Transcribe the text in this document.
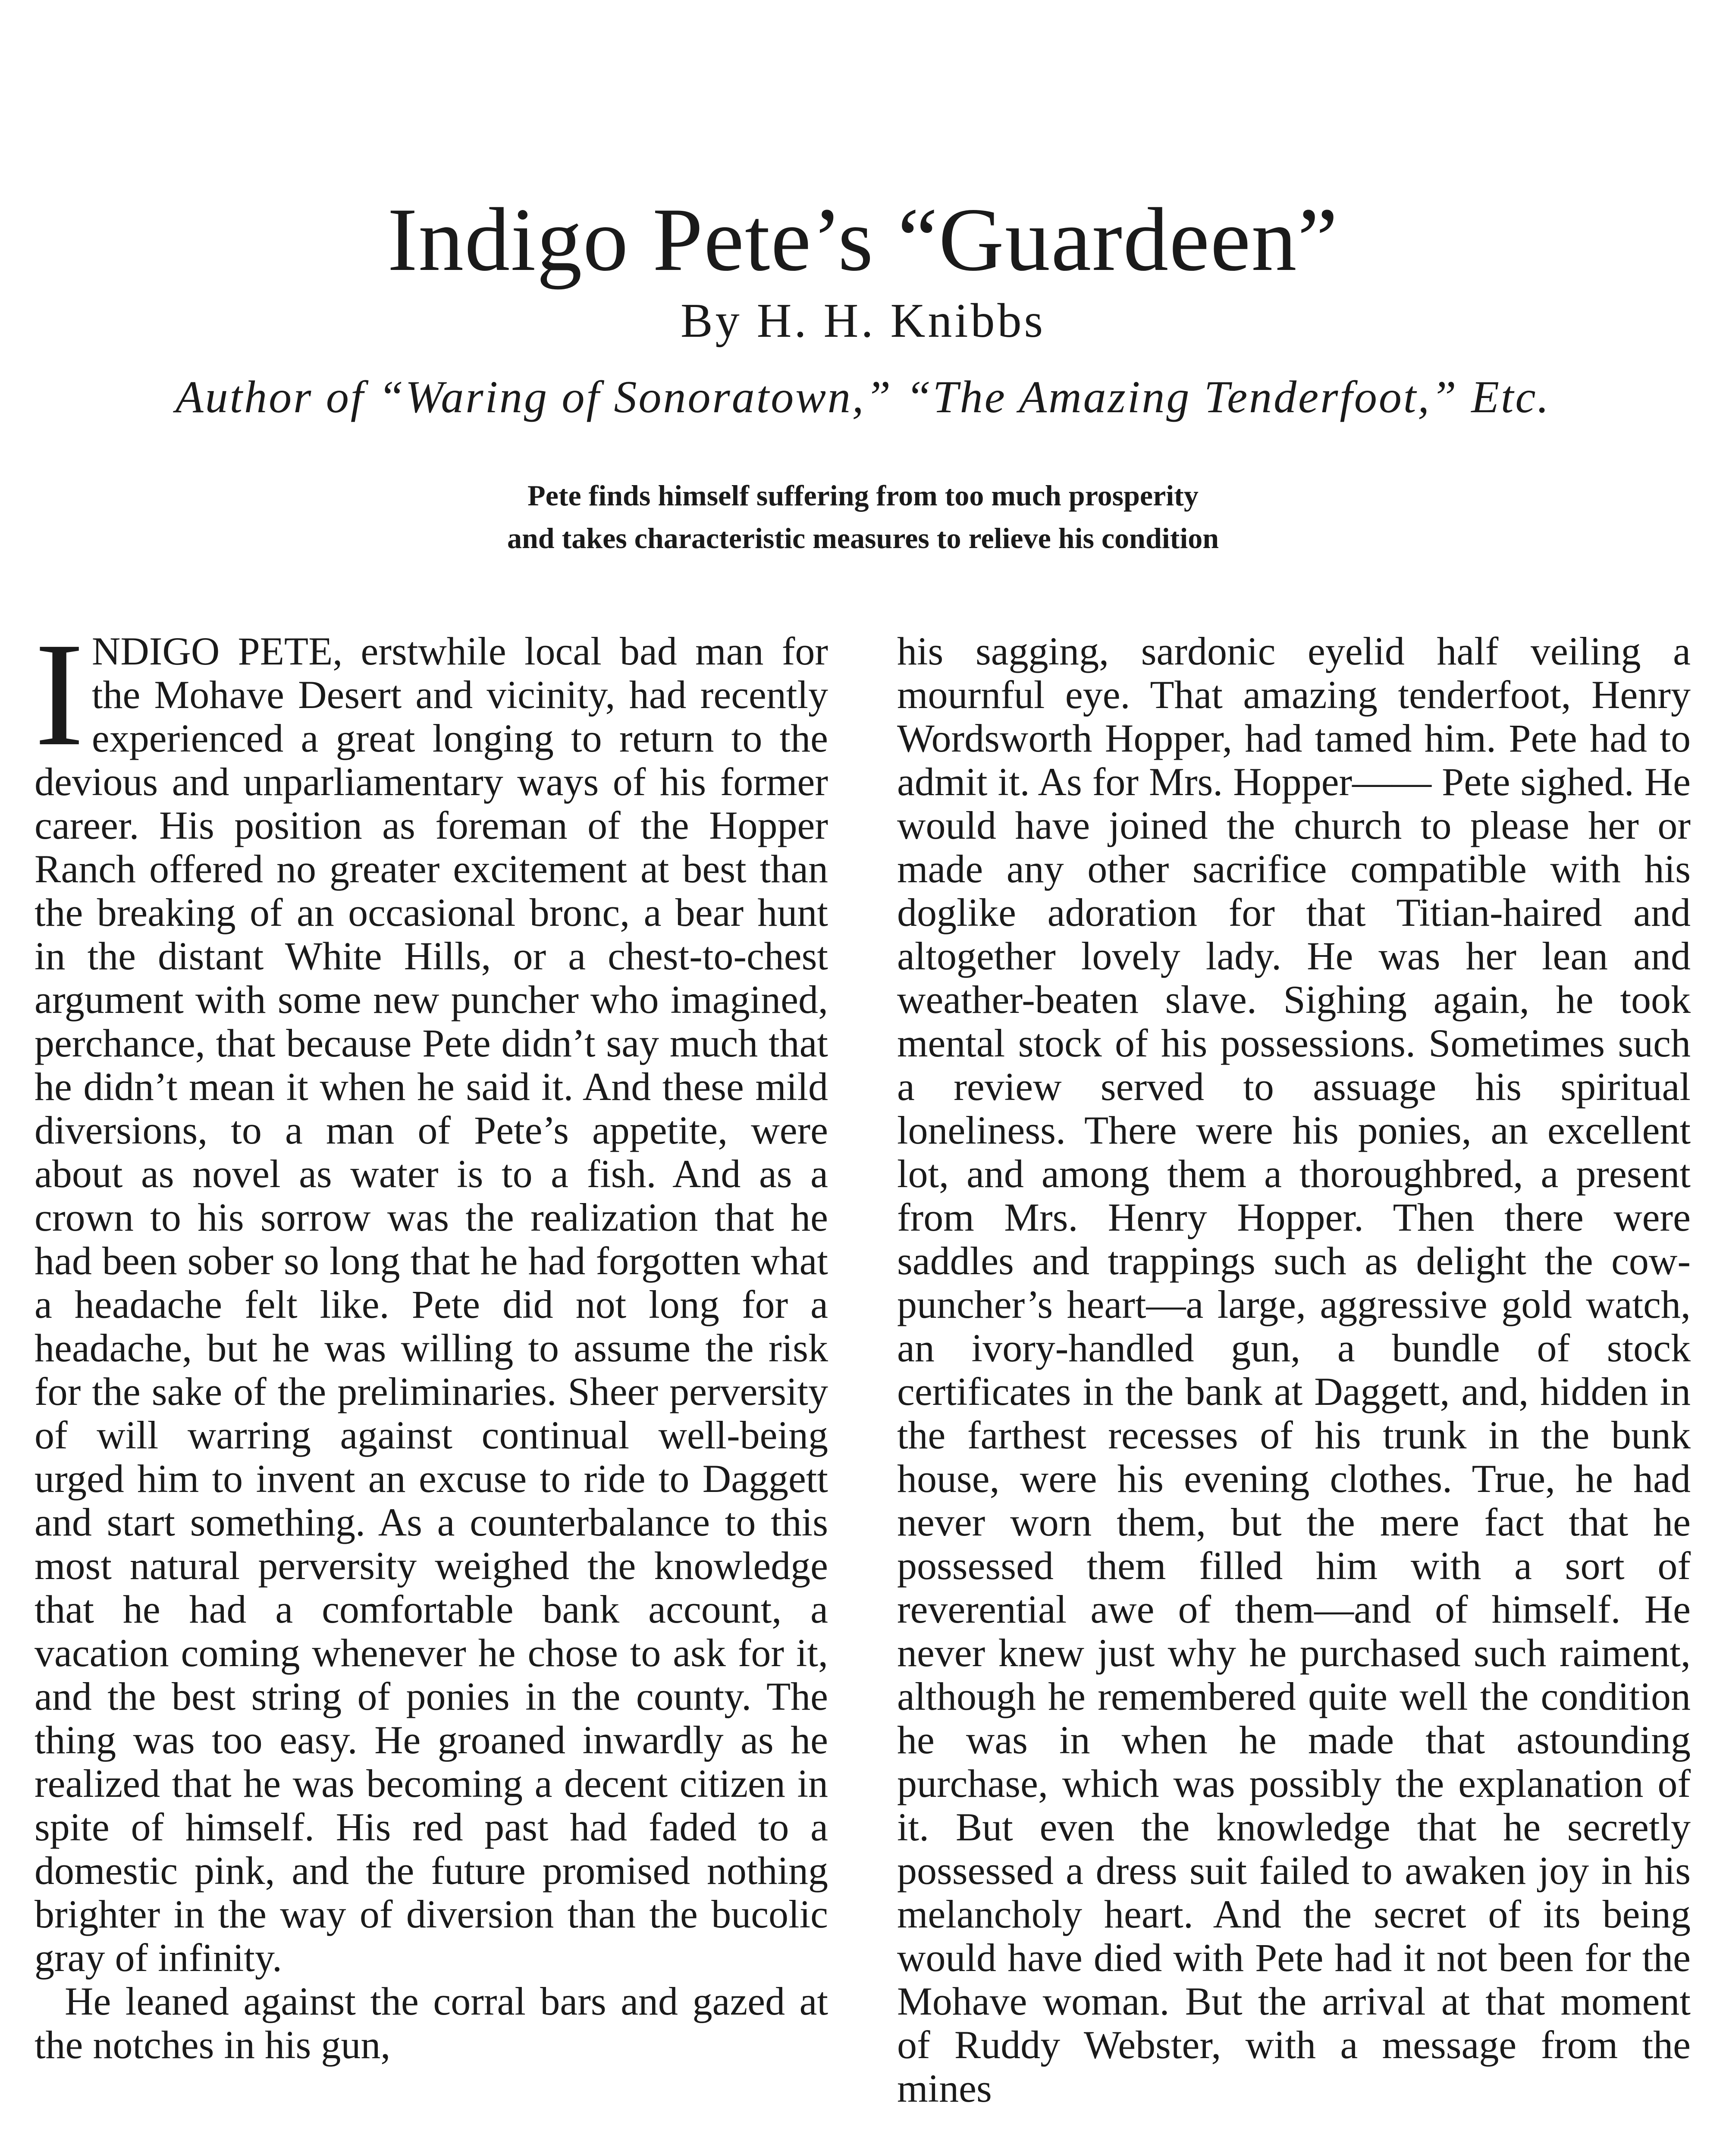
Indigo Pete’s “Guardeen”
By H. H. Knibbs
Author of “Waring of Sonoratown,” “The Amazing Tenderfoot,” Etc.
Pete finds himself suffering from too much prosperity
and takes characteristic measures to relieve his condition

INDIGO PETE, erstwhile local bad man for the Mohave Desert and vicinity, had recently experienced a great longing to return to the devious and unparliamentary ways of his former career. His position as foreman of the Hopper Ranch offered no greater excitement at best than the breaking of an occasional bronc, a bear hunt in the distant White Hills, or a chest-to-chest argument with some new puncher who imagined, perchance, that because Pete didn’t say much that he didn’t mean it when he said it. And these mild diversions, to a man of Pete’s appetite, were about as novel as water is to a fish. And as a crown to his sorrow was the realization that he had been sober so long that he had forgotten what a headache felt like. Pete did not long for a headache, but he was willing to assume the risk for the sake of the preliminaries. Sheer perversity of will warring against continual well-being urged him to invent an excuse to ride to Daggett and start something. As a counterbalance to this most natural perversity weighed the knowledge that he had a comfortable bank account, a vacation coming whenever he chose to ask for it, and the best string of ponies in the county. The thing was too easy. He groaned inwardly as he realized that he was becoming a decent citizen in spite of himself. His red past had faded to a domestic pink, and the future promised nothing brighter in the way of diversion than the bucolic gray of infinity.

He leaned against the corral bars and gazed at the notches in his gun,

his sagging, sardonic eyelid half veiling a mournful eye. That amazing tenderfoot, Henry Wordsworth Hopper, had tamed him. Pete had to admit it. As for Mrs. Hopper—— Pete sighed. He would have joined the church to please her or made any other sacrifice compatible with his doglike adoration for that Titian-haired and altogether lovely lady. He was her lean and weather-beaten slave. Sighing again, he took mental stock of his possessions. Sometimes such a review served to assuage his spiritual loneliness. There were his ponies, an excellent lot, and among them a thoroughbred, a present from Mrs. Henry Hopper. Then there were saddles and trappings such as delight the cow-puncher’s heart—a large, aggressive gold watch, an ivory-handled gun, a bundle of stock certificates in the bank at Daggett, and, hidden in the farthest recesses of his trunk in the bunk house, were his evening clothes. True, he had never worn them, but the mere fact that he possessed them filled him with a sort of reverential awe of them—and of himself. He never knew just why he purchased such raiment, although he remembered quite well the condition he was in when he made that astounding purchase, which was possibly the explanation of it. But even the knowledge that he secretly possessed a dress suit failed to awaken joy in his melancholy heart. And the secret of its being would have died with Pete had it not been for the Mohave woman. But the arrival at that moment of Ruddy Webster, with a message from the mines
